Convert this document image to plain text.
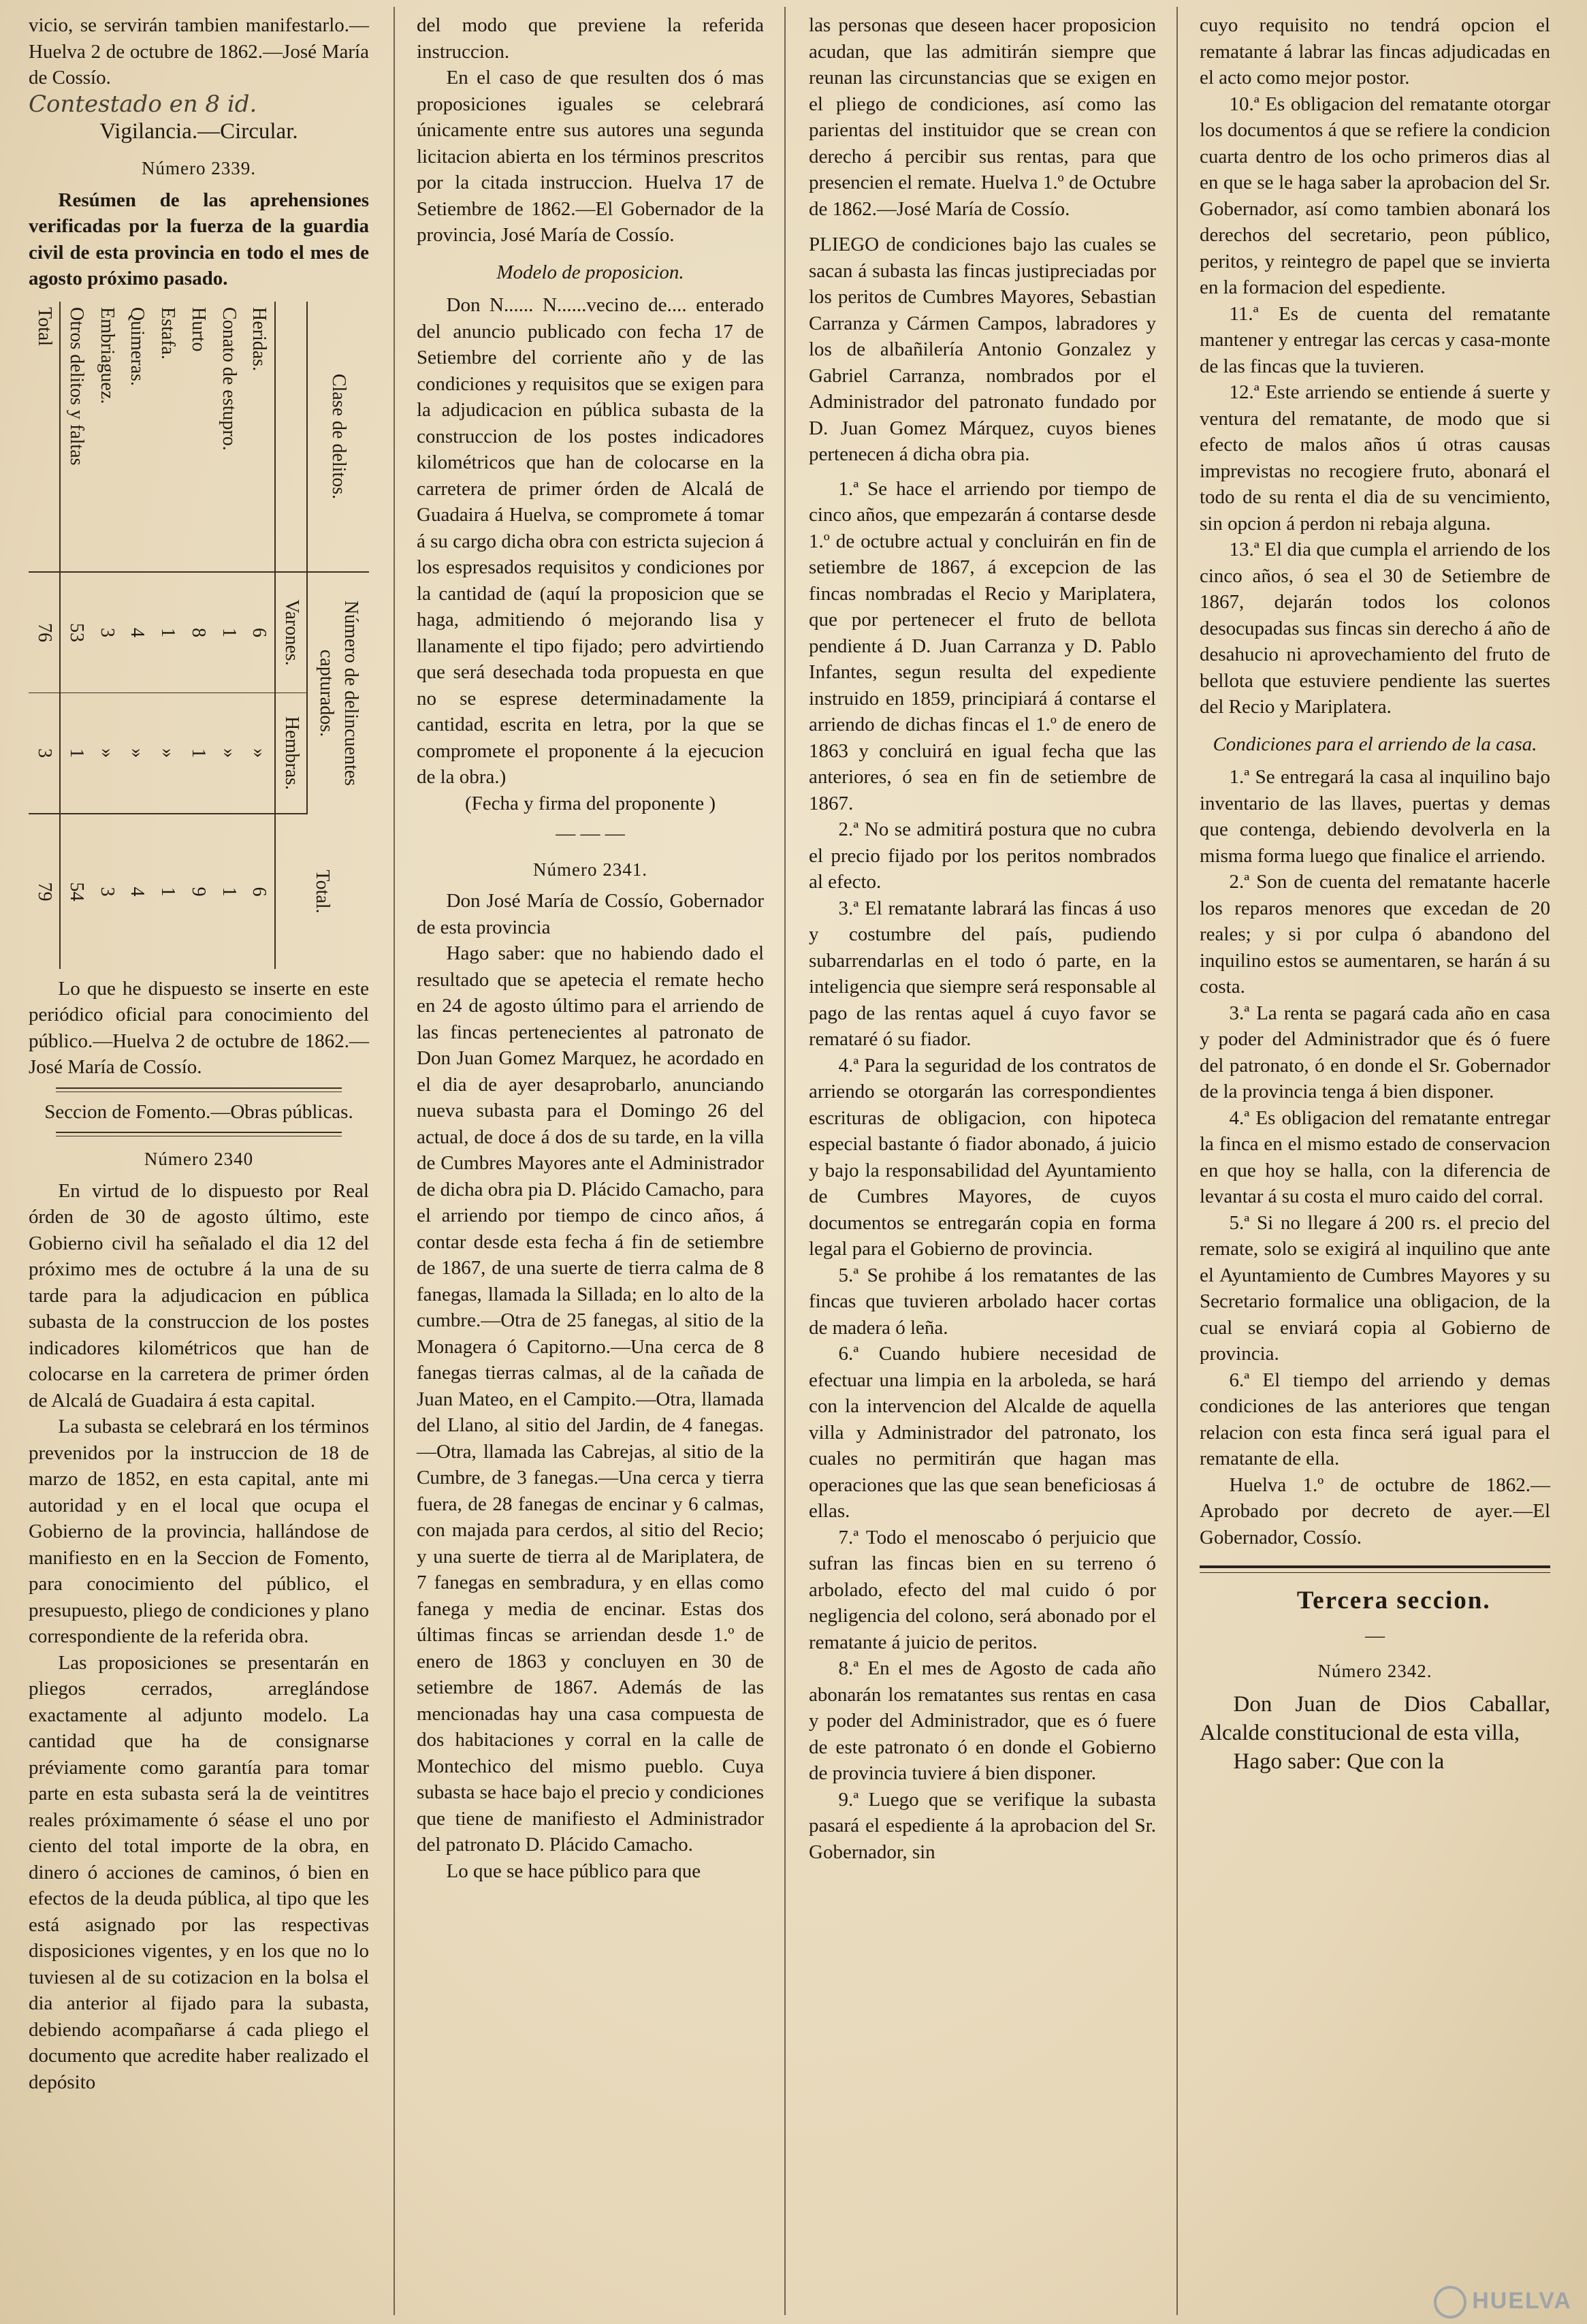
vicio, se servirán tambien manifestarlo.—Huelva 2 de octubre de 1862.—José María de Cossío.

Contestado en 8 id.

Vigilancia.—Circular.

Número 2339.

Resúmen de las aprehensiones verificadas por la fuerza de la guardia civil de esta provincia en todo el mes de agosto próximo pasado.

Clase de delitos.	Número de delincuentes capturados.		Total.
	Varones.	Hembras.	
Heridas.	6	»	6
Conato de estupro.	1	»	1
Hurto	8	1	9
Estafa.	1	»	1
Quimeras.	4	»	4
Embriaguez.	3	»	3
Otros delitos y faltas	53	1	54
Total	76	3	79

Lo que he dispuesto se inserte en este periódico oficial para conocimiento del público.—Huelva 2 de octubre de 1862.—José María de Cossío.

Seccion de Fomento.—Obras públicas.

Número 2340

En virtud de lo dispuesto por Real órden de 30 de agosto último, este Gobierno civil ha señalado el dia 12 del próximo mes de octubre á la una de su tarde para la adjudicacion en pública subasta de la construccion de los postes indicadores kilométricos que han de colocarse en la carretera de primer órden de Alcalá de Guadaira á esta capital.

La subasta se celebrará en los términos prevenidos por la instruccion de 18 de marzo de 1852, en esta capital, ante mi autoridad y en el local que ocupa el Gobierno de la provincia, hallándose de manifiesto en en la Seccion de Fomento, para conocimiento del público, el presupuesto, pliego de condiciones y plano correspondiente de la referida obra.

Las proposiciones se presentarán en pliegos cerrados, arreglándose exactamente al adjunto modelo. La cantidad que ha de consignarse préviamente como garantía para tomar parte en esta subasta será la de veintitres reales próximamente ó séase el uno por ciento del total importe de la obra, en dinero ó acciones de caminos, ó bien en efectos de la deuda pública, al tipo que les está asignado por las respectivas disposiciones vigentes, y en los que no lo tuviesen al de su cotizacion en la bolsa el dia anterior al fijado para la subasta, debiendo acompañarse á cada pliego el documento que acredite haber realizado el depósito

del modo que previene la referida instruccion.

En el caso de que resulten dos ó mas proposiciones iguales se celebrará únicamente entre sus autores una segunda licitacion abierta en los términos prescritos por la citada instruccion. Huelva 17 de Setiembre de 1862.—El Gobernador de la provincia, José María de Cossío.

Modelo de proposicion.

Don N...... N......vecino de.... enterado del anuncio publicado con fecha 17 de Setiembre del corriente año y de las condiciones y requisitos que se exigen para la adjudicacion en pública subasta de la construccion de los postes indicadores kilométricos que han de colocarse en la carretera de primer órden de Alcalá de Guadaira á Huelva, se compromete á tomar á su cargo dicha obra con estricta sujecion á los espresados requisitos y condiciones por la cantidad de (aquí la proposicion que se haga, admitiendo ó mejorando lisa y llanamente el tipo fijado; pero advirtiendo que será desechada toda propuesta en que no se esprese determinadamente la cantidad, escrita en letra, por la que se compromete el proponente á la ejecucion de la obra.)

(Fecha y firma del proponente )

— — —

Número 2341.

Don José María de Cossío, Gobernador de esta provincia

Hago saber: que no habiendo dado el resultado que se apetecia el remate hecho en 24 de agosto último para el arriendo de las fincas pertenecientes al patronato de Don Juan Gomez Marquez, he acordado en el dia de ayer desaprobarlo, anunciando nueva subasta para el Domingo 26 del actual, de doce á dos de su tarde, en la villa de Cumbres Mayores ante el Administrador de dicha obra pia D. Plácido Camacho, para el arriendo por tiempo de cinco años, á contar desde esta fecha á fin de setiembre de 1867, de una suerte de tierra calma de 8 fanegas, llamada la Sillada; en lo alto de la cumbre.—Otra de 25 fanegas, al sitio de la Monagera ó Capitorno.—Una cerca de 8 fanegas tierras calmas, al de la cañada de Juan Mateo, en el Campito.—Otra, llamada del Llano, al sitio del Jardin, de 4 fanegas.—Otra, llamada las Cabrejas, al sitio de la Cumbre, de 3 fanegas.—Una cerca y tierra fuera, de 28 fanegas de encinar y 6 calmas, con majada para cerdos, al sitio del Recio; y una suerte de tierra al de Mariplatera, de 7 fanegas en sembradura, y en ellas como fanega y media de encinar. Estas dos últimas fincas se arriendan desde 1.º de enero de 1863 y concluyen en 30 de setiembre de 1867. Además de las mencionadas hay una casa compuesta de dos habitaciones y corral en la calle de Montechico del mismo pueblo. Cuya subasta se hace bajo el precio y condiciones que tiene de manifiesto el Administrador del patronato D. Plácido Camacho.

Lo que se hace público para que

las personas que deseen hacer proposicion acudan, que las admitirán siempre que reunan las circunstancias que se exigen en el pliego de condiciones, así como las parientas del instituidor que se crean con derecho á percibir sus rentas, para que presencien el remate. Huelva 1.º de Octubre de 1862.—José María de Cossío.

PLIEGO de condiciones bajo las cuales se sacan á subasta las fincas justipreciadas por los peritos de Cumbres Mayores, Sebastian Carranza y Cármen Campos, labradores y los de albañilería Antonio Gonzalez y Gabriel Carranza, nombrados por el Administrador del patronato fundado por D. Juan Gomez Márquez, cuyos bienes pertenecen á dicha obra pia.

1.ª Se hace el arriendo por tiempo de cinco años, que empezarán á contarse desde 1.º de octubre actual y concluirán en fin de setiembre de 1867, á excepcion de las fincas nombradas el Recio y Mariplatera, que por pertenecer el fruto de bellota pendiente á D. Juan Carranza y D. Pablo Infantes, segun resulta del expediente instruido en 1859, principiará á contarse el arriendo de dichas fincas el 1.º de enero de 1863 y concluirá en igual fecha que las anteriores, ó sea en fin de setiembre de 1867.

2.ª No se admitirá postura que no cubra el precio fijado por los peritos nombrados al efecto.

3.ª El rematante labrará las fincas á uso y costumbre del país, pudiendo subarrendarlas en el todo ó parte, en la inteligencia que siempre será responsable al pago de las rentas aquel á cuyo favor se remataré ó su fiador.

4.ª Para la seguridad de los contratos de arriendo se otorgarán las correspondientes escrituras de obligacion, con hipoteca especial bastante ó fiador abonado, á juicio y bajo la responsabilidad del Ayuntamiento de Cumbres Mayores, de cuyos documentos se entregarán copia en forma legal para el Gobierno de provincia.

5.ª Se prohibe á los rematantes de las fincas que tuvieren arbolado hacer cortas de madera ó leña.

6.ª Cuando hubiere necesidad de efectuar una limpia en la arboleda, se hará con la intervencion del Alcalde de aquella villa y Administrador del patronato, los cuales no permitirán que hagan mas operaciones que las que sean beneficiosas á ellas.

7.ª Todo el menoscabo ó perjuicio que sufran las fincas bien en su terreno ó arbolado, efecto del mal cuido ó por negligencia del colono, será abonado por el rematante á juicio de peritos.

8.ª En el mes de Agosto de cada año abonarán los rematantes sus rentas en casa y poder del Administrador, que es ó fuere de este patronato ó en donde el Gobierno de provincia tuviere á bien disponer.

9.ª Luego que se verifique la subasta pasará el espediente á la aprobacion del Sr. Gobernador, sin

cuyo requisito no tendrá opcion el rematante á labrar las fincas adjudicadas en el acto como mejor postor.

10.ª Es obligacion del rematante otorgar los documentos á que se refiere la condicion cuarta dentro de los ocho primeros dias al en que se le haga saber la aprobacion del Sr. Gobernador, así como tambien abonará los derechos del secretario, peon público, peritos, y reintegro de papel que se invierta en la formacion del espediente.

11.ª Es de cuenta del rematante mantener y entregar las cercas y casa-monte de las fincas que la tuvieren.

12.ª Este arriendo se entiende á suerte y ventura del rematante, de modo que si efecto de malos años ú otras causas imprevistas no recogiere fruto, abonará el todo de su renta el dia de su vencimiento, sin opcion á perdon ni rebaja alguna.

13.ª El dia que cumpla el arriendo de los cinco años, ó sea el 30 de Setiembre de 1867, dejarán todos los colonos desocupadas sus fincas sin derecho á año de desahucio ni aprovechamiento del fruto de bellota que estuviere pendiente las suertes del Recio y Mariplatera.

Condiciones para el arriendo de la casa.

1.ª Se entregará la casa al inquilino bajo inventario de las llaves, puertas y demas que contenga, debiendo devolverla en la misma forma luego que finalice el arriendo.

2.ª Son de cuenta del rematante hacerle los reparos menores que excedan de 20 reales; y si por culpa ó abandono del inquilino estos se aumentaren, se harán á su costa.

3.ª La renta se pagará cada año en casa y poder del Administrador que és ó fuere del patronato, ó en donde el Sr. Gobernador de la provincia tenga á bien disponer.

4.ª Es obligacion del rematante entregar la finca en el mismo estado de conservacion en que hoy se halla, con la diferencia de levantar á su costa el muro caido del corral.

5.ª Si no llegare á 200 rs. el precio del remate, solo se exigirá al inquilino que ante el Ayuntamiento de Cumbres Mayores y su Secretario formalice una obligacion, de la cual se enviará copia al Gobierno de provincia.

6.ª El tiempo del arriendo y demas condiciones de las anteriores que tengan relacion con esta finca será igual para el rematante de ella.

Huelva 1.º de octubre de 1862.—Aprobado por decreto de ayer.—El Gobernador, Cossío.

Tercera seccion.

—

Número 2342.

Don Juan de Dios Caballar, Alcalde constitucional de esta villa,

Hago saber: Que con la

HUELVA
